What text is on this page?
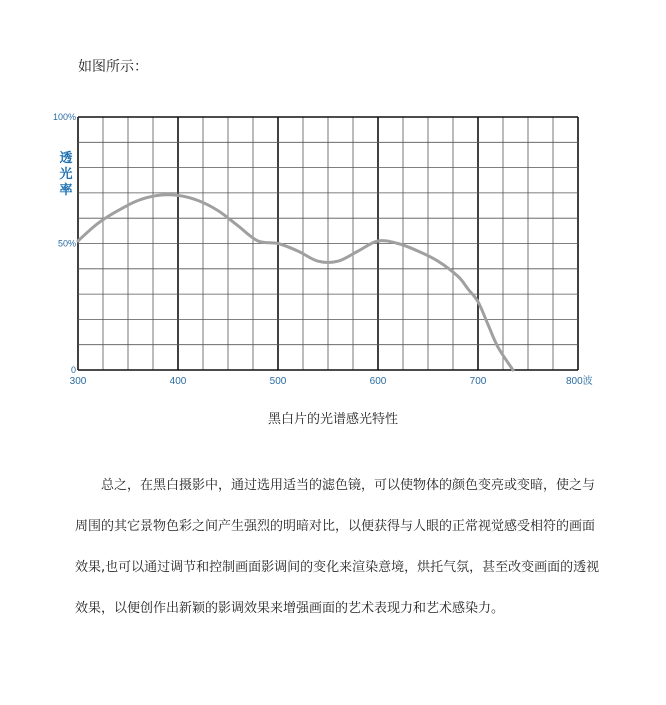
如图所示：
100%
50%
0
300	400	500	600	700	800波
透
光
率
黑白片的光谱感光特性
总之，在黑白摄影中，通过选用适当的滤色镜，可以使物体的颜色变亮或变暗，使之与周围的其它景物色彩之间产生强烈的明暗对比，以便获得与人眼的正常视觉感受相符的画面效果,也可以通过调节和控制画面影调间的变化来渲染意境，烘托气氛，甚至改变画面的透视效果，以便创作出新颖的影调效果来增强画面的艺术表现力和艺术感染力。
